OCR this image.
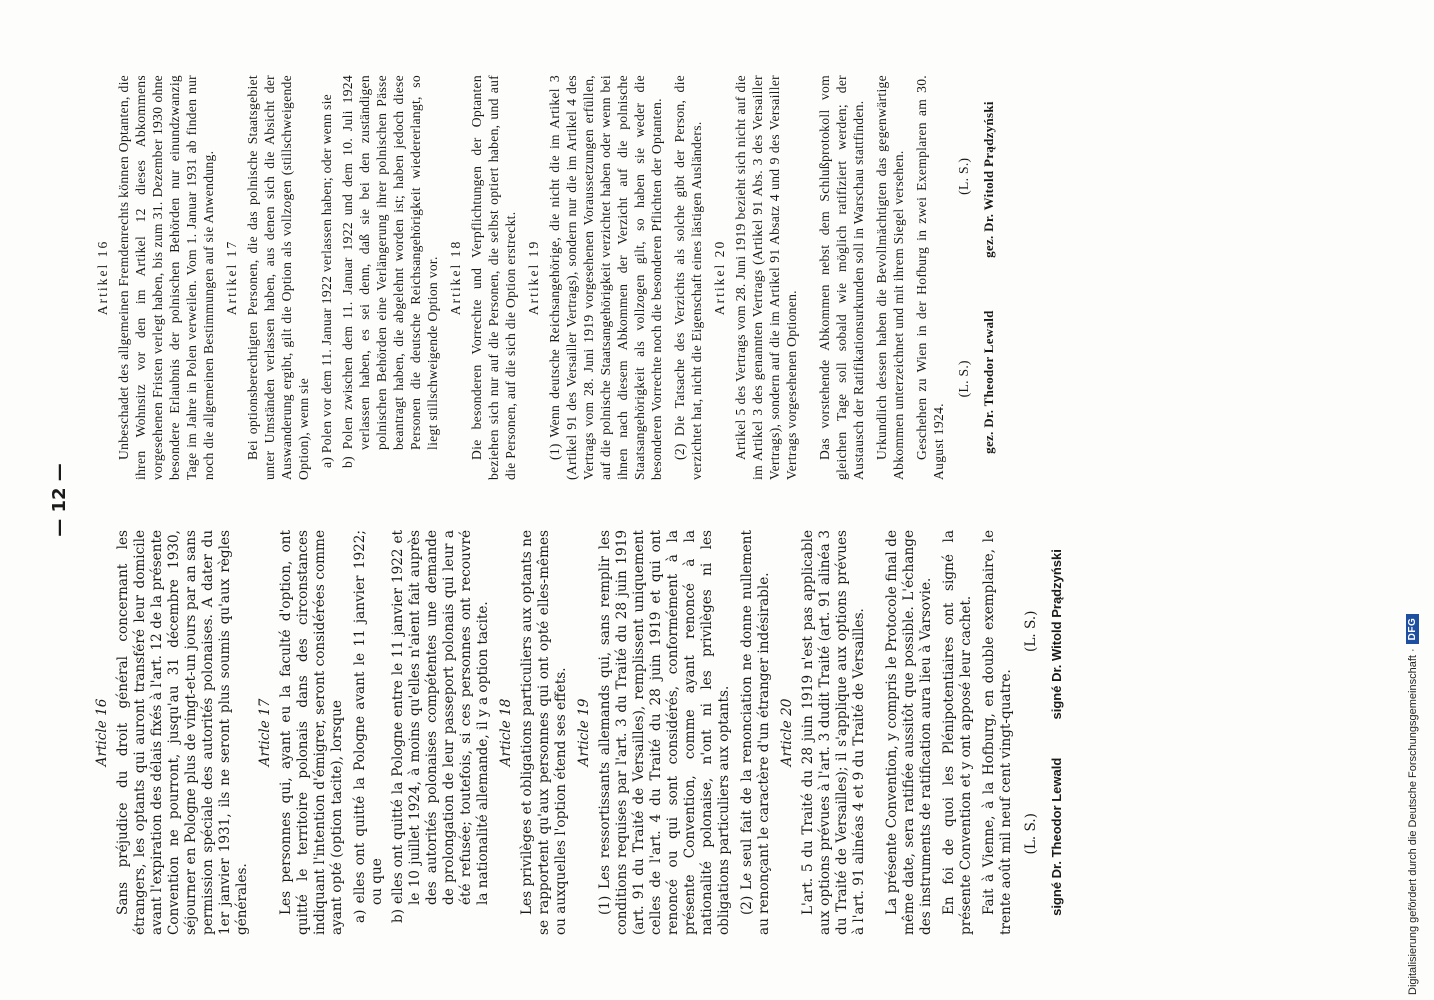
— 12 —
Article 16 Sans préjudice du droit général concernant les étrangers, les optants qui auront transféré leur domicile avant l'expiration des délais fixés à l'art. 12 de la présente Convention ne pourront, jusqu'au 31 décembre 1930, séjourner en Pologne plus de vingt-et-un jours par an sans permission spéciale des autorités polonaises. A dater du 1er janvier 1931, ils ne seront plus soumis qu'aux règles générales.

Article 17 Les personnes qui, ayant eu la faculté d'option, ont quitté le territoire polonais dans des circonstances indiquant l'intention d'émigrer, seront considérées comme ayant opté (option tacite), lorsque a) elles ont quitté la Pologne avant le 11 janvier 1922; ou que b) elles ont quitté la Pologne entre le 11 janvier 1922 et le 10 juillet 1924, à moins qu'elles n'aient fait auprès des autorités polonaises compétentes une demande de prolongation de leur passeport polonais qui leur a été refusée; toutefois, si ces personnes ont recouvré la nationalité allemande, il y a option tacite. Article 18 Les privilèges et obligations particuliers aux optants ne se rapportent qu'aux personnes qui ont opté elles-mêmes ou auxquelles l'option étend ses effets. Article 19 (1) Les ressortissants allemands qui, sans remplir les conditions requises par l'art. 3 du Traité du 28 juin 1919 (art. 91 du Traité de Versailles), remplissent uniquement celles de l'art. 4 du Traité du 28 juin 1919 et qui ont renoncé ou qui sont considérés, conformément à la présente Convention, comme ayant renoncé à la nationalité polonaise, n'ont ni les privilèges ni les obligations particuliers aux optants. (2) Le seul fait de la renonciation ne donne nullement au renonçant le caractère d'un étranger indésirable. Article 20 L'art. 5 du Traité du 28 juin 1919 n'est pas applicable aux options prévues à l'art. 3 dudit Traité (art. 91 alinéa 3 du Traité de Versailles); il s'applique aux options prévues à l'art. 91 alinéas 4 et 9 du Traité de Versailles. La présente Convention, y compris le Protocole final de même date, sera ratifiée aussitôt que possible. L'échange des instruments de ratification aura lieu à Varsovie. En foi de quoi les Plénipotentiaires ont signé la présente Convention et y ont apposé leur cachet. Fait à Vienne, à la Hofburg, en double exemplaire, le trente août mil neuf cent vingt-quatre. (L. S.)
(L. S.)
signé Dr. Theodor Lewald
signé Dr. Witold Prądzyński
Artikel 16 Unbeschadet des allgemeinen Fremdenrechts können Optanten, die ihren Wohnsitz vor den im Artikel 12 dieses Abkommens vorgesehenen Fristen verlegt haben, bis zum 31. Dezember 1930 ohne besondere Erlaubnis der polnischen Behörden nur einundzwanzig Tage im Jahre in Polen verweilen. Vom 1. Januar 1931 ab finden nur noch die allgemeinen Bestimmungen auf sie Anwendung. Artikel 17 Bei optionsberechtigten Personen, die das polnische Staatsgebiet unter Umständen verlassen haben, aus denen sich die Absicht der Auswanderung ergibt, gilt die Option als vollzogen (stillschweigende Option), wenn sie a) Polen vor dem 11. Januar 1922 verlassen haben; oder wenn sie b) Polen zwischen dem 11. Januar 1922 und dem 10. Juli 1924 verlassen haben, es sei denn, daß sie bei den zuständigen polnischen Behörden eine Verlängerung ihrer polnischen Pässe beantragt haben, die abgelehnt worden ist; haben jedoch diese Personen die deutsche Reichsangehörigkeit wiedererlangt, so liegt stillschweigende Option vor. Artikel 18 Die besonderen Vorrechte und Verpflichtungen der Optanten beziehen sich nur auf die Personen, die selbst optiert haben, und auf die Personen, auf die sich die Option erstreckt. Artikel 19 (1) Wenn deutsche Reichsangehörige, die nicht die im Artikel 3 (Artikel 91 des Versailler Vertrags), sondern nur die im Artikel 4 des Vertrags vom 28. Juni 1919 vorgesehenen Voraussetzungen erfüllen, auf die polnische Staatsangehörigkeit verzichtet haben oder wenn bei ihnen nach diesem Abkommen der Verzicht auf die polnische Staatsangehörigkeit als vollzogen gilt, so haben sie weder die besonderen Vorrechte noch die besonderen Pflichten der Optanten. (2) Die Tatsache des Verzichts als solche gibt der Person, die verzichtet hat, nicht die Eigenschaft eines lästigen Ausländers. Artikel 20 Artikel 5 des Vertrags vom 28. Juni 1919 bezieht sich nicht auf die im Artikel 3 des genannten Vertrags (Artikel 91 Abs. 3 des Versailler Vertrags), sondern auf die im Artikel 91 Absatz 4 und 9 des Versailler Vertrags vorgesehenen Optionen. Das vorstehende Abkommen nebst dem Schlußprotokoll vom gleichen Tage soll sobald wie möglich ratifiziert werden; der Austausch der Ratifikationsurkunden soll in Warschau stattfinden. Urkundlich dessen haben die Bevollmächtigten das gegenwärtige Abkommen unterzeichnet und mit ihrem Siegel versehen. Geschehen zu Wien in der Hofburg in zwei Exemplaren am 30. August 1924.

(L. S.)
(L. S.)
gez. Dr. Theodor Lewald
gez. Dr. Witold Prądzyński
Digitalisierung gefördert durch die Deutsche Forschungsgemeinschaft ·
DFG
